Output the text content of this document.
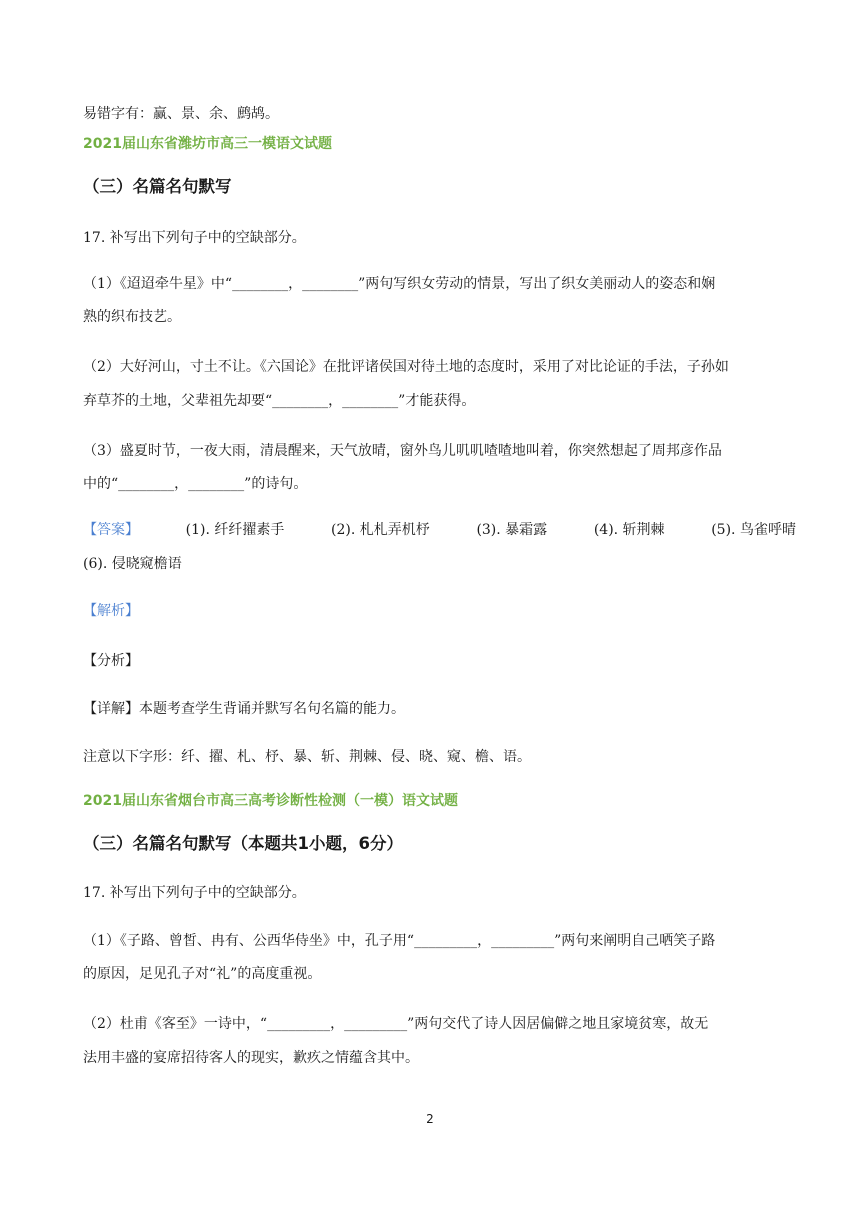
易错字有：赢、景、余、鹧鸪。
2021届山东省潍坊市高三一模语文试题
（三）名篇名句默写
17. 补写出下列句子中的空缺部分。
（1）《迢迢牵牛星》中“________，________”两句写织女劳动的情景，写出了织女美丽动人的姿态和娴
熟的织布技艺。
（2）大好河山，寸土不让。《六国论》在批评诸侯国对待土地的态度时，采用了对比论证的手法，子孙如
弃草芥的土地，父辈祖先却要“________，________”才能获得。
（3）盛夏时节，一夜大雨，清晨醒来，天气放晴，窗外鸟儿叽叽喳喳地叫着，你突然想起了周邦彦作品
中的“________，________”的诗句。
【答案】	(1). 纤纤擢素手	(2). 札札弄机杼	(3). 暴霜露	(4). 斩荆棘	(5). 鸟雀呼晴
(6). 侵晓窥檐语
【解析】
【分析】
【详解】本题考查学生背诵并默写名句名篇的能力。
注意以下字形：纤、擢、札、杼、暴、斩、荆棘、侵、晓、窥、檐、语。
2021届山东省烟台市高三高考诊断性检测（一模）语文试题
（三）名篇名句默写（本题共1小题，6分）
17. 补写出下列句子中的空缺部分。
（1）《子路、曾皙、冉有、公西华侍坐》中，孔子用“_________，_________”两句来阐明自己哂笑子路
的原因，足见孔子对“礼”的高度重视。
（2）杜甫《客至》一诗中，“_________，_________”两句交代了诗人因居偏僻之地且家境贫寒，故无
法用丰盛的宴席招待客人的现实，歉疚之情蕴含其中。
2
